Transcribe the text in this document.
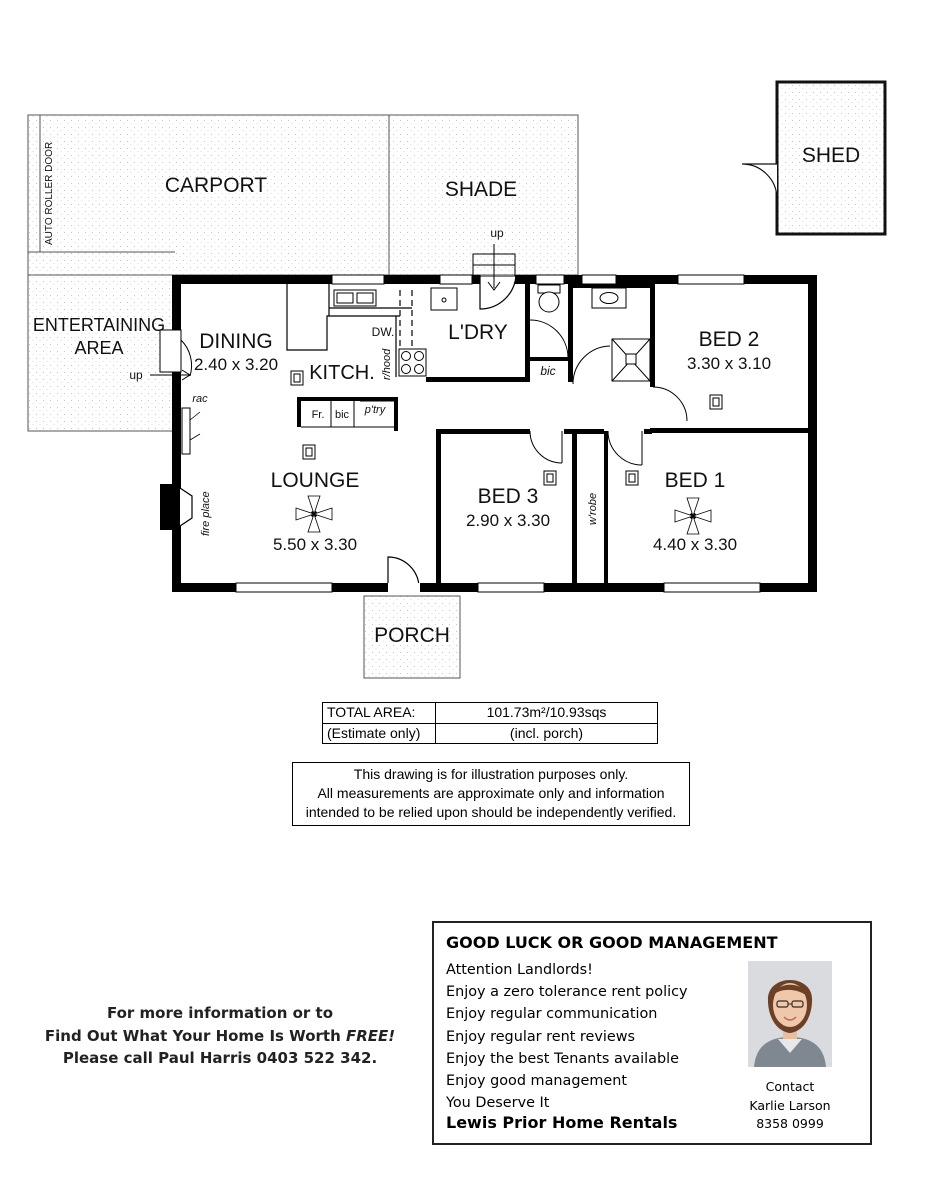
CARPORT	SHADE
SHED
AUTO ROLLER DOOR
ENTERTAINING
AREA
PORCH
up
up
DINING
2.40 x 3.20 KITCH.
L'DRY	BED 2
3.30 x 3.10
LOUNGE
5.50 x 3.30
BED 3
2.90 x 3.30
BED 1
4.40 x 3.30
DW.
r/hood
Fr. bic p'try
bic
rac
fire place	w'robe
TOTAL AREA:	101.73m²/10.93sqs
(Estimate only)	(incl. porch)
This drawing is for illustration purposes only.
All measurements are approximate only and information
intended to be relied upon should be independently verified.
For more information or to
Find Out What Your Home Is Worth FREE!
Please call Paul Harris 0403 522 342.
GOOD LUCK OR GOOD MANAGEMENT
Attention Landlords!
Enjoy a zero tolerance rent policy
Enjoy regular communication
Enjoy regular rent reviews
Enjoy the best Tenants available
Enjoy good management
You Deserve It
Lewis Prior Home Rentals
Contact
Karlie Larson
8358 0999
